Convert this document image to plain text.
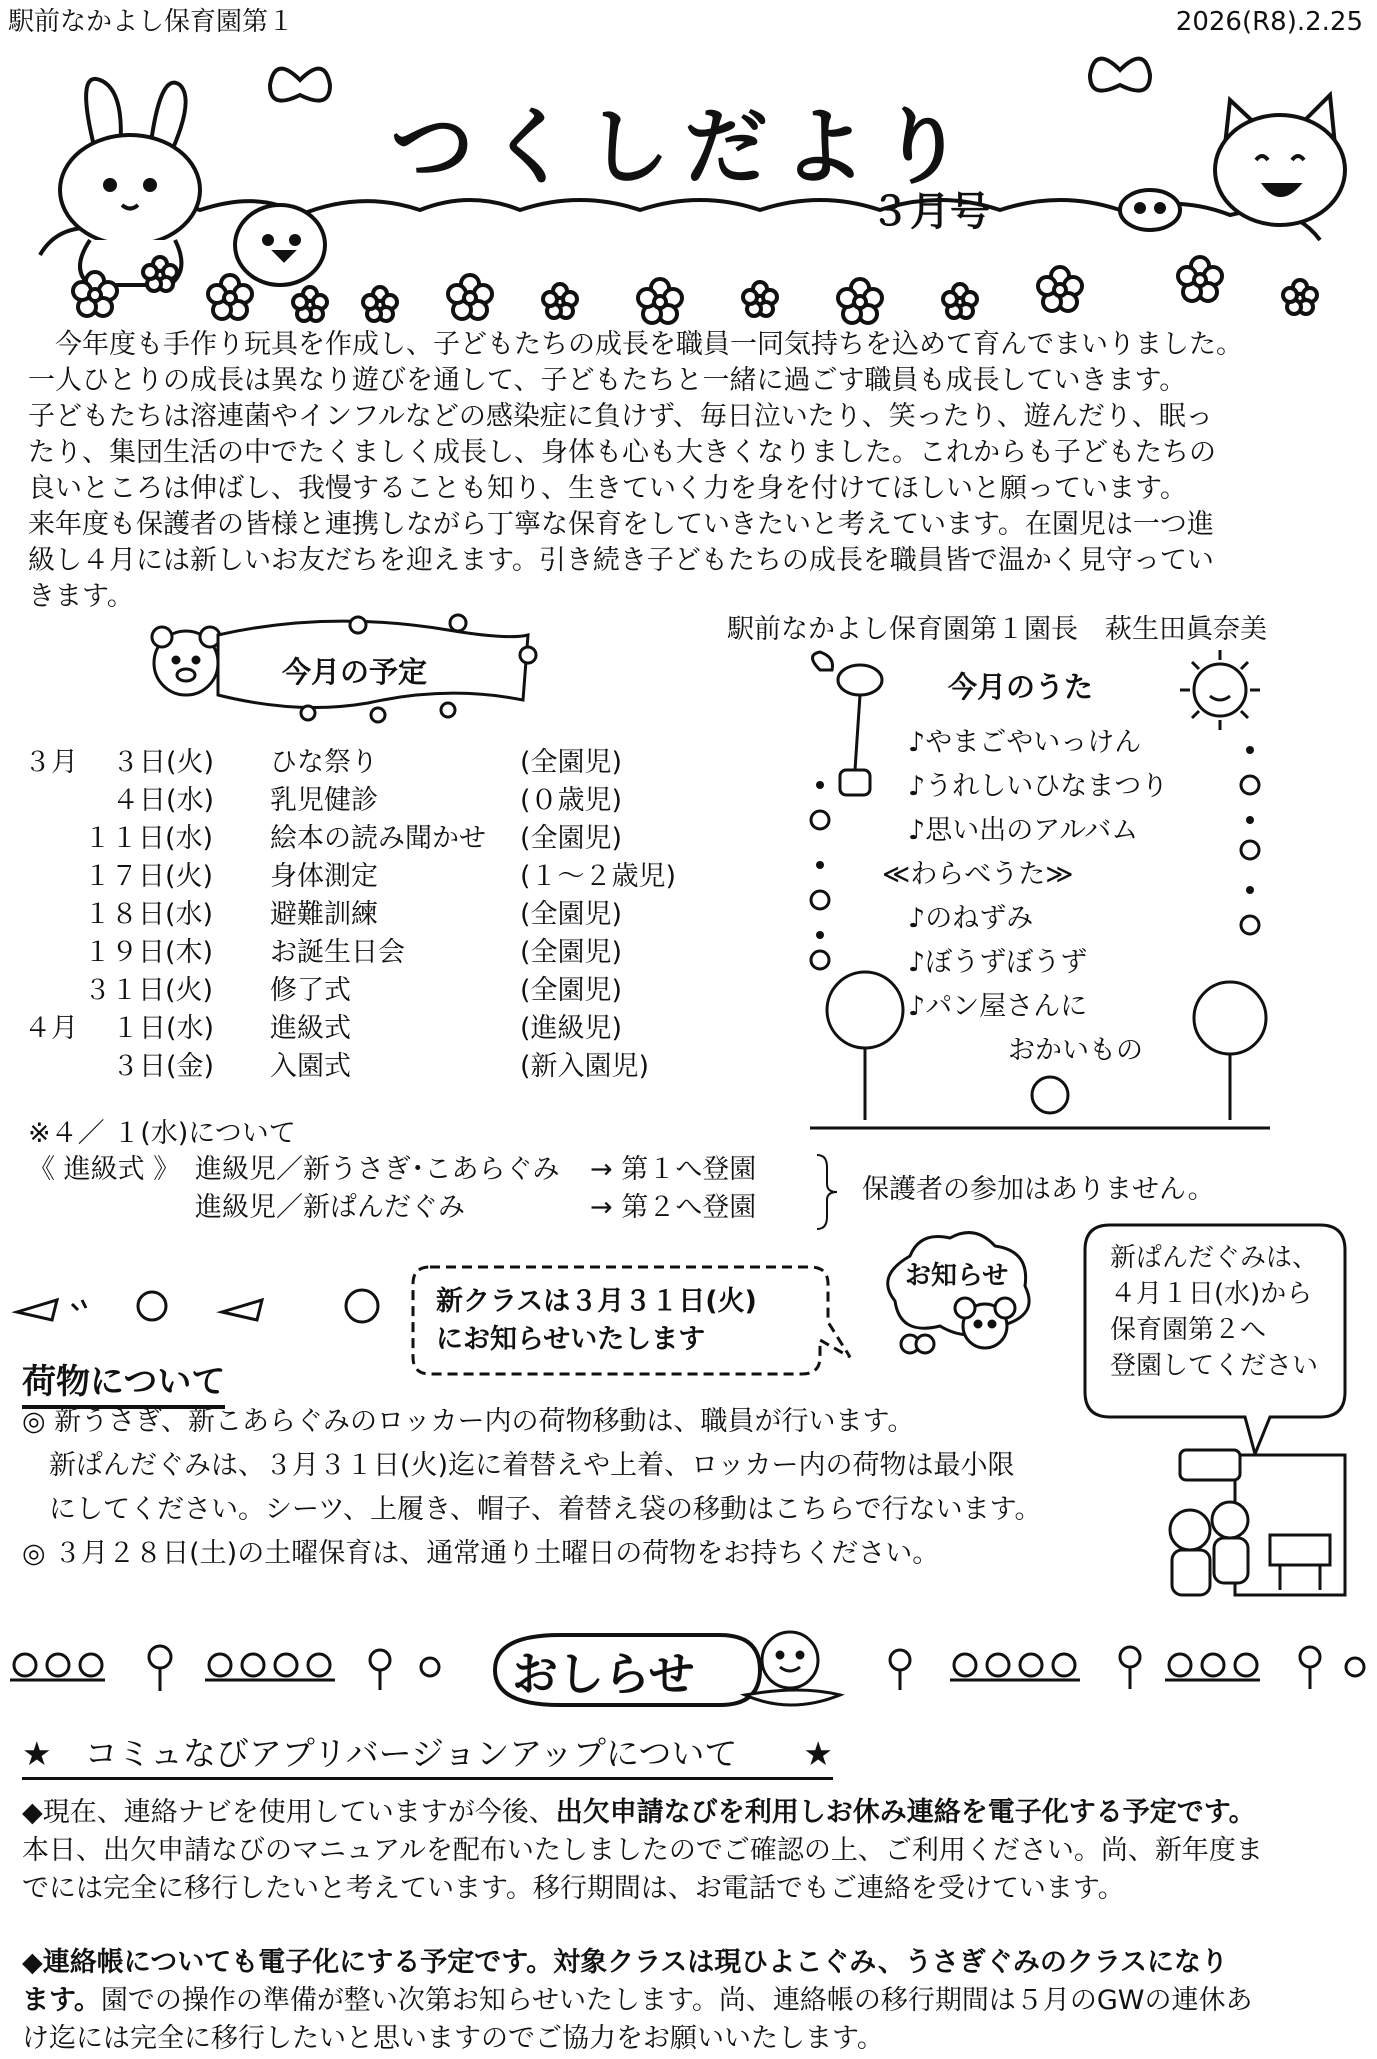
駅前なかよし保育園第１	2026(R8).2.25
つくしだより
３月号
　今年度も手作り玩具を作成し、子どもたちの成長を職員一同気持ちを込めて育んでまいりました。
一人ひとりの成長は異なり遊びを通して、子どもたちと一緒に過ごす職員も成長していきます。
子どもたちは溶連菌やインフルなどの感染症に負けず、毎日泣いたり、笑ったり、遊んだり、眠っ
たり、集団生活の中でたくましく成長し、身体も心も大きくなりました。これからも子どもたちの
良いところは伸ばし、我慢することも知り、生きていく力を身を付けてほしいと願っています。
来年度も保護者の皆様と連携しながら丁寧な保育をしていきたいと考えています。在園児は一つ進
級し４月には新しいお友だちを迎えます。引き続き子どもたちの成長を職員皆で温かく見守ってい
きます。
駅前なかよし保育園第１園長　萩生田眞奈美
今月の予定
３月 ３日(火) ひな祭り	(全園児)
４日(水) 乳児健診	(０歳児)
１１日(水) 絵本の読み聞かせ (全園児)
１７日(火) 身体測定	(１～２歳児)
１８日(水) 避難訓練	(全園児)
１９日(木) お誕生日会	(全園児)
３１日(火) 修了式	(全園児)
４月 １日(水) 進級式	(進級児)
３日(金) 入園式	(新入園児)
今月のうた
♪やまごやいっけん
♪うれしいひなまつり
♪思い出のアルバム
≪わらべうた≫
♪のねずみ
♪ぼうずぼうず
♪パン屋さんに
おかいもの
※４／ １(水)について
《 進級式 》 進級児／新うさぎ･こあらぐみ → 第１へ登園
進級児／新ぱんだぐみ	→ 第２へ登園
保護者の参加はありません。
新クラスは３月３１日(火)
にお知らせいたします
お知らせ
新ぱんだぐみは、
４月１日(水)から
保育園第２へ
登園してください
荷物について
◎ 新うさぎ、新こあらぐみのロッカー内の荷物移動は、職員が行います。
　新ぱんだぐみは、３月３１日(火)迄に着替えや上着、ロッカー内の荷物は最小限
　にしてください。シーツ、上履き、帽子、着替え袋の移動はこちらで行ないます。
◎ ３月２８日(土)の土曜保育は、通常通り土曜日の荷物をお持ちください。
おしらせ
★　コミュなびアプリバージョンアップについて　　★
◆現在、連絡ナビを使用していますが今後、出欠申請なびを利用しお休み連絡を電子化する予定です。
本日、出欠申請なびのマニュアルを配布いたしましたのでご確認の上、ご利用ください。尚、新年度ま
でには完全に移行したいと考えています。移行期間は、お電話でもご連絡を受けています。
◆連絡帳についても電子化にする予定です。対象クラスは現ひよこぐみ、うさぎぐみのクラスになり
ます。園での操作の準備が整い次第お知らせいたします。尚、連絡帳の移行期間は５月のGWの連休あ
け迄には完全に移行したいと思いますのでご協力をお願いいたします。
